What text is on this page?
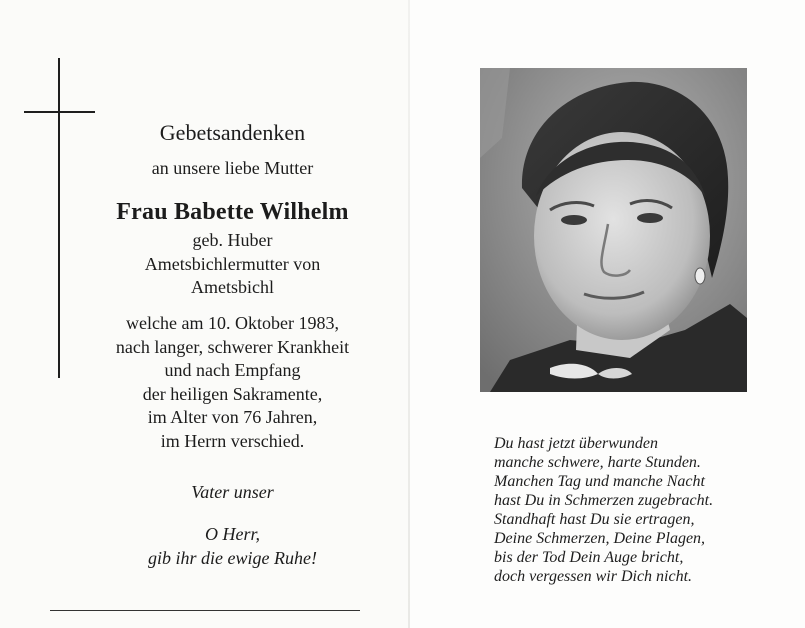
Gebetsandenken
an unsere liebe Mutter
Frau Babette Wilhelm
geb. Huber
Ametsbichlermutter von
Ametsbichl
welche am 10. Oktober 1983,
nach langer, schwerer Krankheit
und nach Empfang
der heiligen Sakramente,
im Alter von 76 Jahren,
im Herrn verschied.
Vater unser
O Herr,
gib ihr die ewige Ruhe!
Du hast jetzt überwunden
manche schwere, harte Stunden.
Manchen Tag und manche Nacht
hast Du in Schmerzen zugebracht.
Standhaft hast Du sie ertragen,
Deine Schmerzen, Deine Plagen,
bis der Tod Dein Auge bricht,
doch vergessen wir Dich nicht.
